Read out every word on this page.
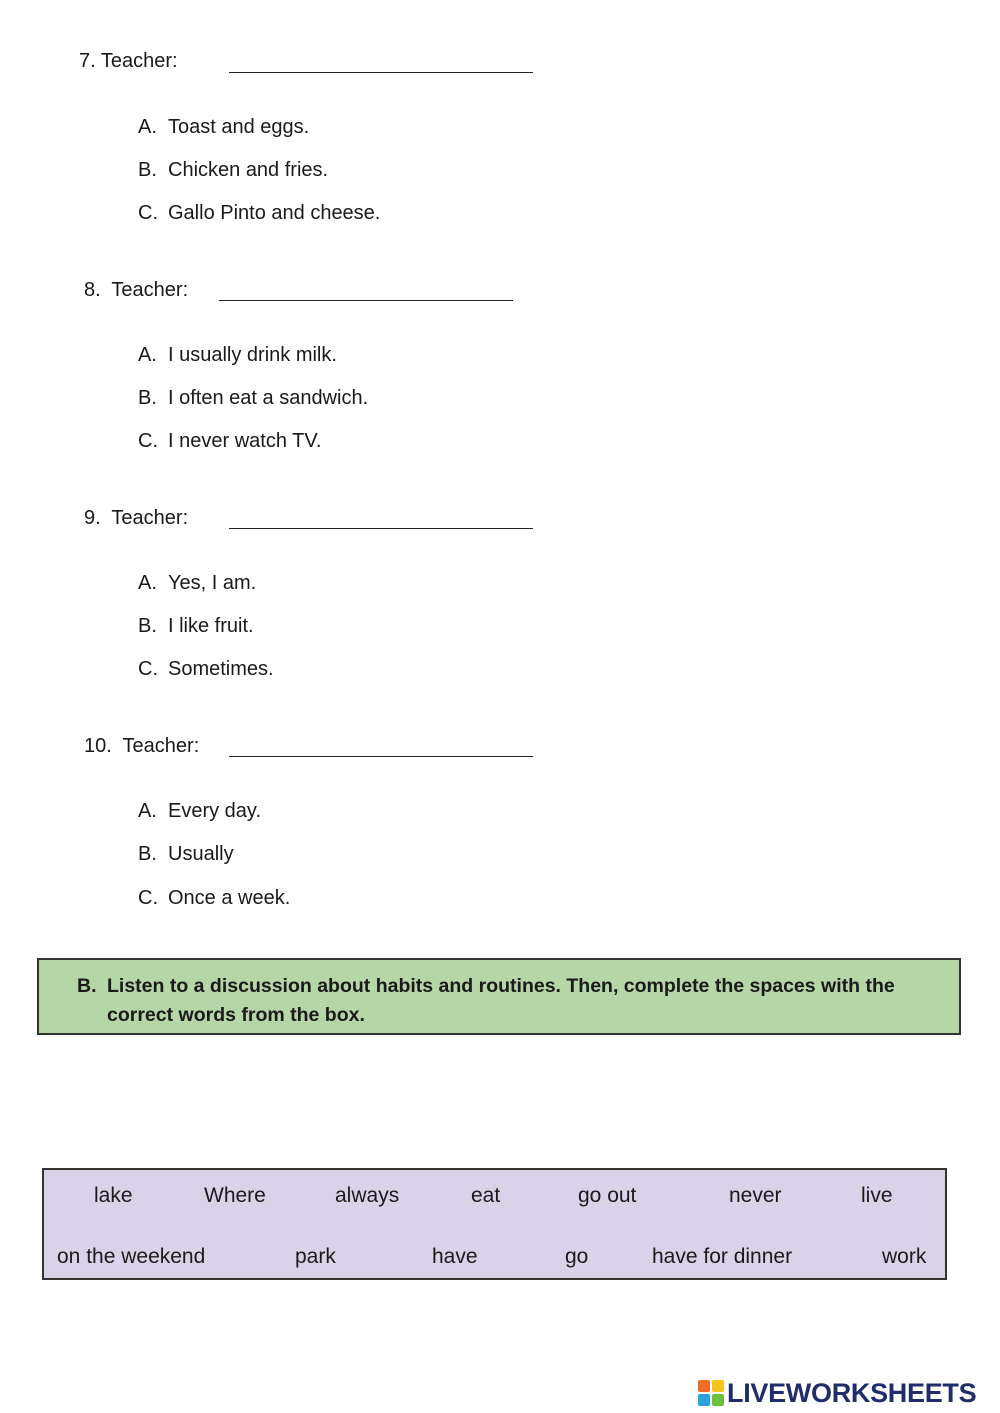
7. Teacher:
A. Toast and eggs.
B. Chicken and fries.
C. Gallo Pinto and cheese.
8.  Teacher:
A. I usually drink milk.
B. I often eat a sandwich.
C. I never watch TV.
9.  Teacher:
A. Yes, I am.
B. I like fruit.
C. Sometimes.
10.  Teacher:
A. Every day.
B. Usually
C. Once a week.
B. Listen to a discussion about habits and routines. Then, complete the spaces with the correct words from the box.
lake	Where	always	eat	go out	never	live
on the weekend	park	have	go	have for dinner	work
LIVEWORKSHEETS
